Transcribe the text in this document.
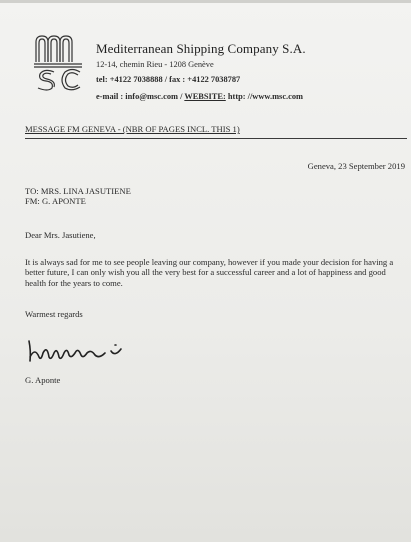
Mediterranean Shipping Company S.A.
12-14, chemin Rieu - 1208 Genève
tel: +4122 7038888 / fax : +4122 7038787
e-mail : info@msc.com / WEBSITE: http: //www.msc.com
MESSAGE FM GENEVA - (NBR OF PAGES INCL. THIS 1)
Geneva, 23 September 2019
TO: MRS. LINA JASUTIENE
FM: G. APONTE
Dear Mrs. Jasutiene,
It is always sad for me to see people leaving our company, however if you made your decision for having a better future, I can only wish you all the very best for a successful career and a lot of happiness and good health for the years to come.
Warmest regards
G. Aponte
